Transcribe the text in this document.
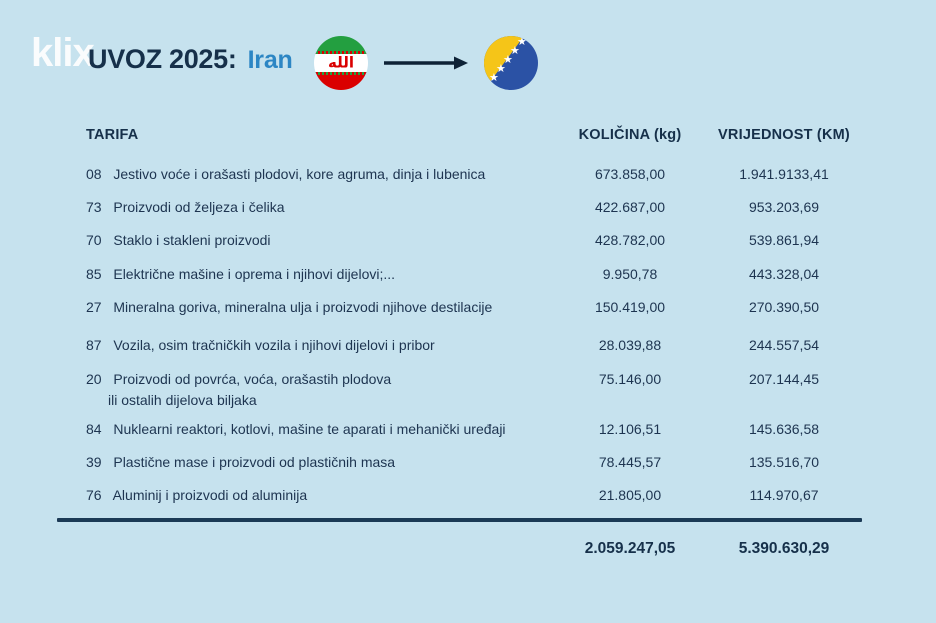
klix
UVOZ 2025: Iran الله
★
★
★
★
★
TARIFA	KOLIČINA (kg)	VRIJEDNOST (KM)
08 Jestivo voće i orašasti plodovi, kore agruma, dinja i lubenica	673.858,00	1.941.9133,41
73 Proizvodi od željeza i čelika	422.687,00	953.203,69
70 Staklo i stakleni proizvodi	428.782,00	539.861,94
85 Električne mašine i oprema i njihovi dijelovi;...	9.950,78	443.328,04
27 Mineralna goriva, mineralna ulja i proizvodi njihove destilacije	150.419,00	270.390,50
87 Vozila, osim tračničkih vozila i njihovi dijelovi i pribor	28.039,88	244.557,54
20 Proizvodi od povrća, voća, orašastih plodova
ili ostalih dijelova biljaka
75.146,00	207.144,45
84 Nuklearni reaktori, kotlovi, mašine te aparati i mehanički uređaji	12.106,51	145.636,58
39 Plastične mase i proizvodi od plastičnih masa	78.445,57	135.516,70
76  Aluminij i proizvodi od aluminija	21.805,00	114.970,67
2.059.247,05	5.390.630,29
